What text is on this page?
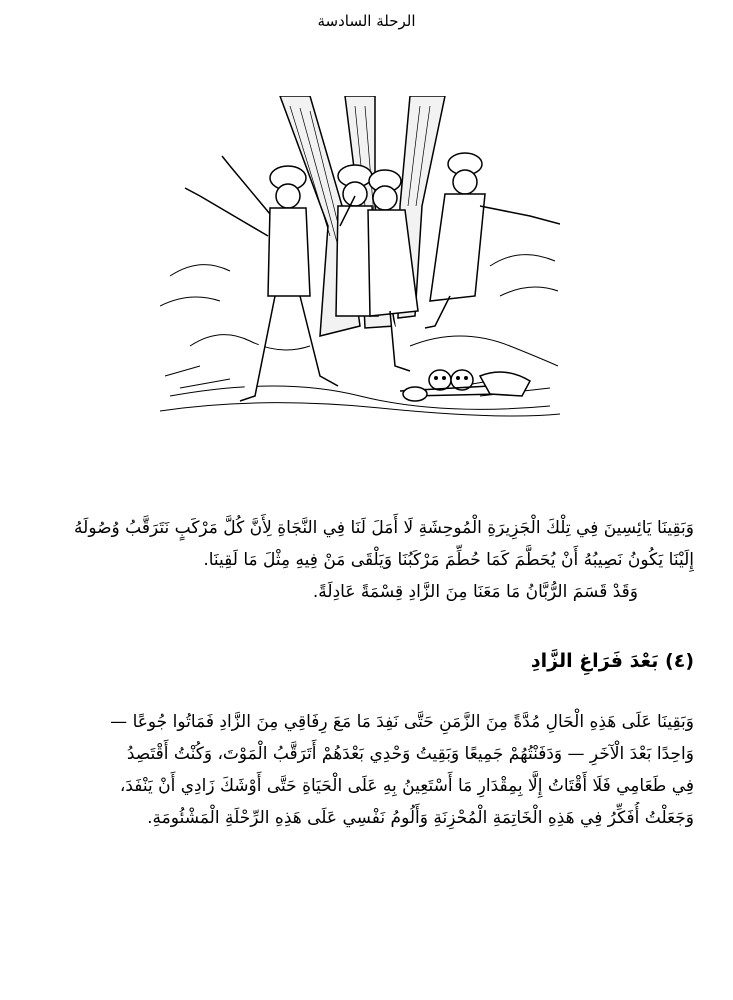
الرحلة السادسة
وَبَقِينَا يَائِسِينَ فِي تِلْكَ الْجَزِيرَةِ الْمُوحِشَةِ لَا أَمَلَ لَنَا فِي النَّجَاةِ لِأَنَّ كُلَّ مَرْكَبٍ نَتَرَقَّبُ وُصُولَهُ
إِلَيْنَا يَكُونُ نَصِيبُهُ أَنْ يُحَطَّمَ كَمَا حُطِّمَ مَرْكَبُنَا وَيَلْقَى مَنْ فِيهِ مِثْلَ مَا لَقِينَا.
وَقَدْ قَسَمَ الرُّبَّانُ مَا مَعَنَا مِنَ الزَّادِ قِسْمَةً عَادِلَةً.
(٤) بَعْدَ فَرَاغِ الزَّادِ
وَبَقِينَا عَلَى هَذِهِ الْحَالِ مُدَّةً مِنَ الزَّمَنِ حَتَّى نَفِدَ مَا مَعَ رِفَاقِي مِنَ الزَّادِ فَمَاتُوا جُوعًا —
وَاحِدًا بَعْدَ الْآخَرِ — وَدَفَنْتُهُمْ جَمِيعًا وَبَقِيتُ وَحْدِي بَعْدَهُمْ أَتَرَقَّبُ الْمَوْتَ، وَكُنْتُ أَقْتَصِدُ
فِي طَعَامِي فَلَا أَقْتَاتُ إِلَّا بِمِقْدَارِ مَا أَسْتَعِينُ بِهِ عَلَى الْحَيَاةِ حَتَّى أَوْشَكَ زَادِي أَنْ يَنْفَدَ،
وَجَعَلْتُ أُفَكِّرُ فِي هَذِهِ الْخَاتِمَةِ الْمُحْزِنَةِ وَأَلُومُ نَفْسِي عَلَى هَذِهِ الرِّحْلَةِ الْمَشْئُومَةِ.
